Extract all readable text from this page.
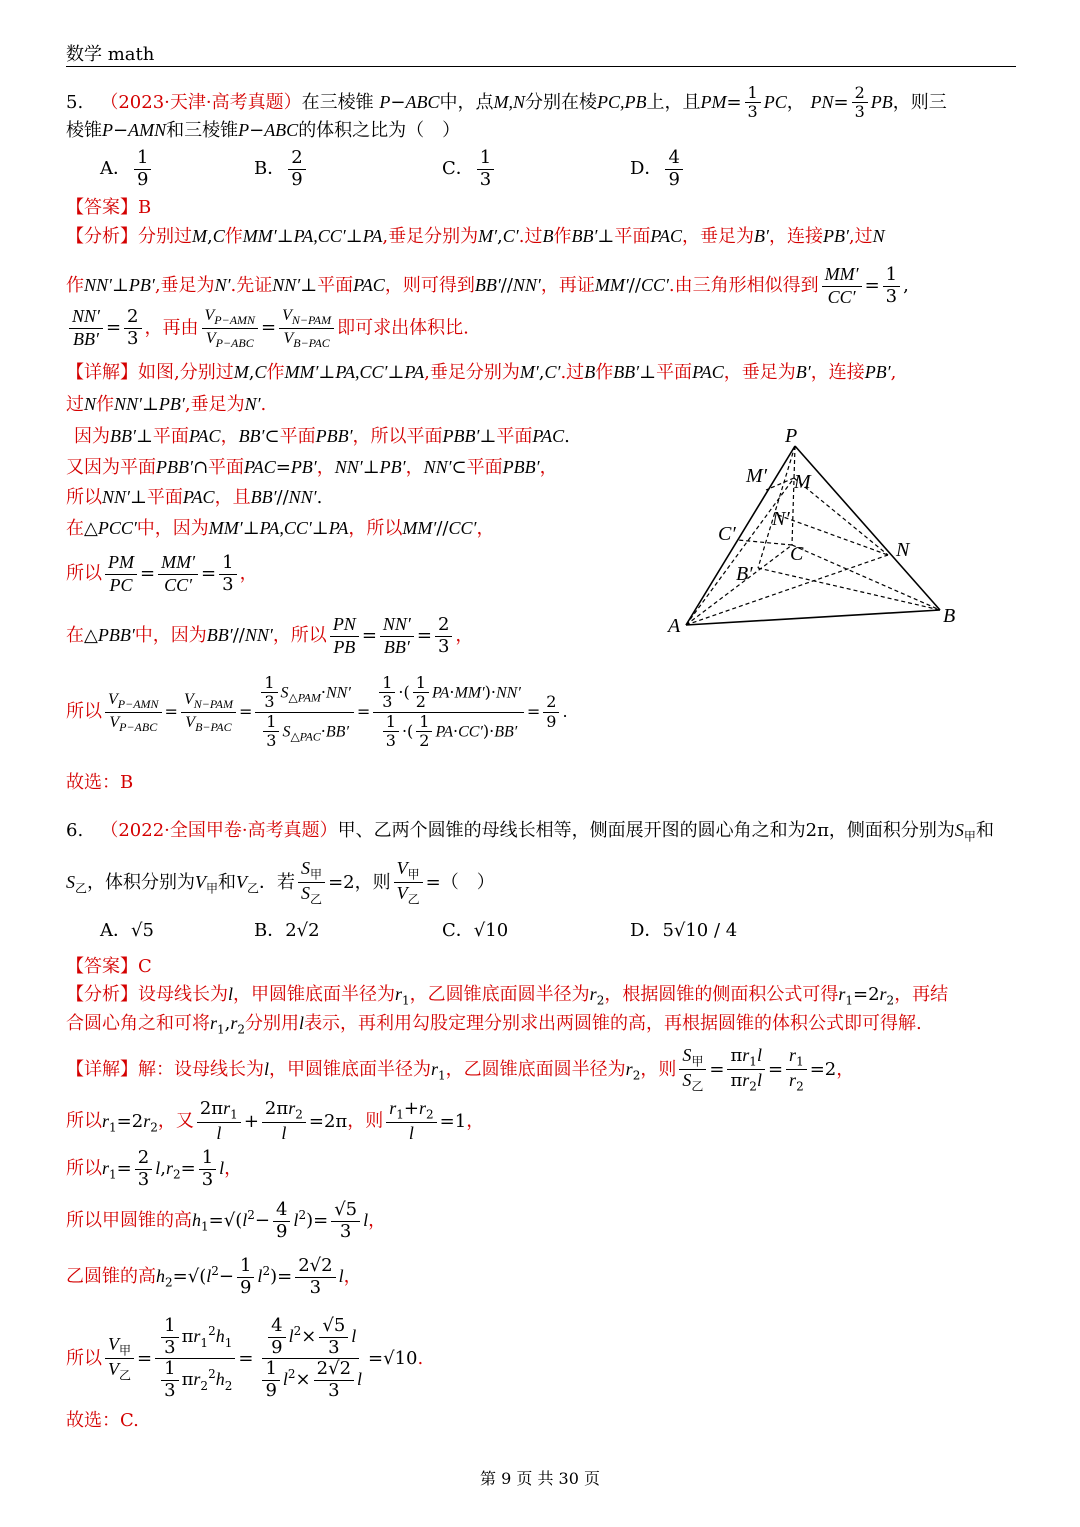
数学 math
5. （2023·天津·高考真题）在三棱锥 P−ABC中，点M,N分别在棱PC,PB上，且$PM= \frac{1}{3}$ PC， $PN= \frac{2}{3}$ PB，则三
棱锥P−AMN和三棱锥P−ABC的体积之比为（　）
A． $\frac{1}{9}$	B． $\frac{2}{9}$	C． $\frac{1}{3}$	D． $\frac{4}{9}$
【答案】B
【分析】分别过M,C作MM′⊥PA,CC′⊥PA,垂足分别为M′,C′.过B作BB′⊥平面PAC，垂足为B′，连接PB′,过N
作NN′⊥PB′,垂足为N′.先证NN′⊥平面PAC，则可得到BB′//NN′，再证MM′//CC′.由三角形相似得到 $\frac{MM'}{CC'} = \frac{1}{3}$ ,
$\frac{NN'}{BB'} = \frac{2}{3}$ ，再由 $\frac{V_{P-AMN}}{V_{P-ABC}} = \frac{V_{N-PAM}}{V_{B-PAC}}$ 即可求出体积比.
【详解】如图,分别过M,C作MM′⊥PA,CC′⊥PA,垂足分别为M′,C′.过B作BB′⊥平面PAC，垂足为B′，连接PB′,
过N作NN′⊥PB′,垂足为N′.
因为BB′⊥平面PAC，BB′⊂平面PBB′，所以平面PBB′⊥平面PAC.
又因为平面PBB′∩平面PAC=PB′，NN′⊥PB′，NN′⊂平面PBB′，
所以NN′⊥平面PAC，且BB′//NN′.
在△PCC′中，因为MM′⊥PA,CC′⊥PA，所以MM′//CC′，
所以 $\frac{PM}{PC} = \frac{MM'}{CC'} = \frac{1}{3}$ ，
在△PBB′中，因为BB′//NN′，所以 $\frac{PN}{PB} = \frac{NN'}{BB'} = \frac{2}{3}$ ，
所以 $\frac{V_{P-AMN}}{V_{P-ABC}} = \frac{V_{N-PAM}}{V_{B-PAC}} = \frac{\frac{1}{3} S_{\triangle PAM}\cdot NN'}{\frac{1}{3} S_{\triangle PAC}\cdot BB'} = \frac{\frac{1}{3} \cdot( \frac{1}{2} PA\cdot MM')\cdot NN'}{\frac{1}{3} \cdot( \frac{1}{2} PA\cdot CC')\cdot BB'} = \frac{2}{9}$ .
故选：B
P
M′ M
N′
C′
C	N
B′
A	B
6. （2022·全国甲卷·高考真题）甲、乙两个圆锥的母线长相等，侧面展开图的圆心角之和为2π，侧面积分别为$S_甲$和
$S_乙$，体积分别为$V_甲$和$V_乙$．若 $\frac{S_甲}{S_乙} =2$，则 $\frac{V_甲}{V_乙}$ =（　）
A．√5	B．2√2	C．√10	D．5√10 / 4
【答案】C
【分析】设母线长为l，甲圆锥底面半径为$r_1$，乙圆锥底面圆半径为$r_2$，根据圆锥的侧面积公式可得$r_1=2r_2$，再结
合圆心角之和可将$r_1,r_2$分别用l表示，再利用勾股定理分别求出两圆锥的高，再根据圆锥的体积公式即可得解.
【详解】解：设母线长为l，甲圆锥底面半径为$r_1$，乙圆锥底面圆半径为$r_2$，则 $\frac{S_甲}{S_乙} = \frac{\pi r_1l}{\pi r_2l} = \frac{r_1}{r_2} =2$，
所以$r_1=2r_2$，又 $\frac{2\pi r_1}{l} + \frac{2\pi r_2}{l} =2\pi$，则 $\frac{r_1+r_2}{l} =1$，
所以$r_1= \frac{2}{3} l,r_2= \frac{1}{3}$ l，
所以甲圆锥的高$h_1=√(l^2- \frac{4}{9} l^2)= \frac{√5}{3}$ l，
乙圆锥的高$h_2=√(l^2- \frac{1}{9} l^2)= \frac{2√2}{3}$ l，
所以 $\frac{V_甲}{V_乙} = \frac{\frac{1}{3} \pi r_1^2h_1}{\frac{1}{3} \pi r_2^2h_2} = \frac{\frac{4}{9} l^2\times \frac{√5}{3} l}{\frac{1}{9} l^2\times \frac{2√2}{3} l} =√10$.
故选：C.
第 9 页 共 30 页
